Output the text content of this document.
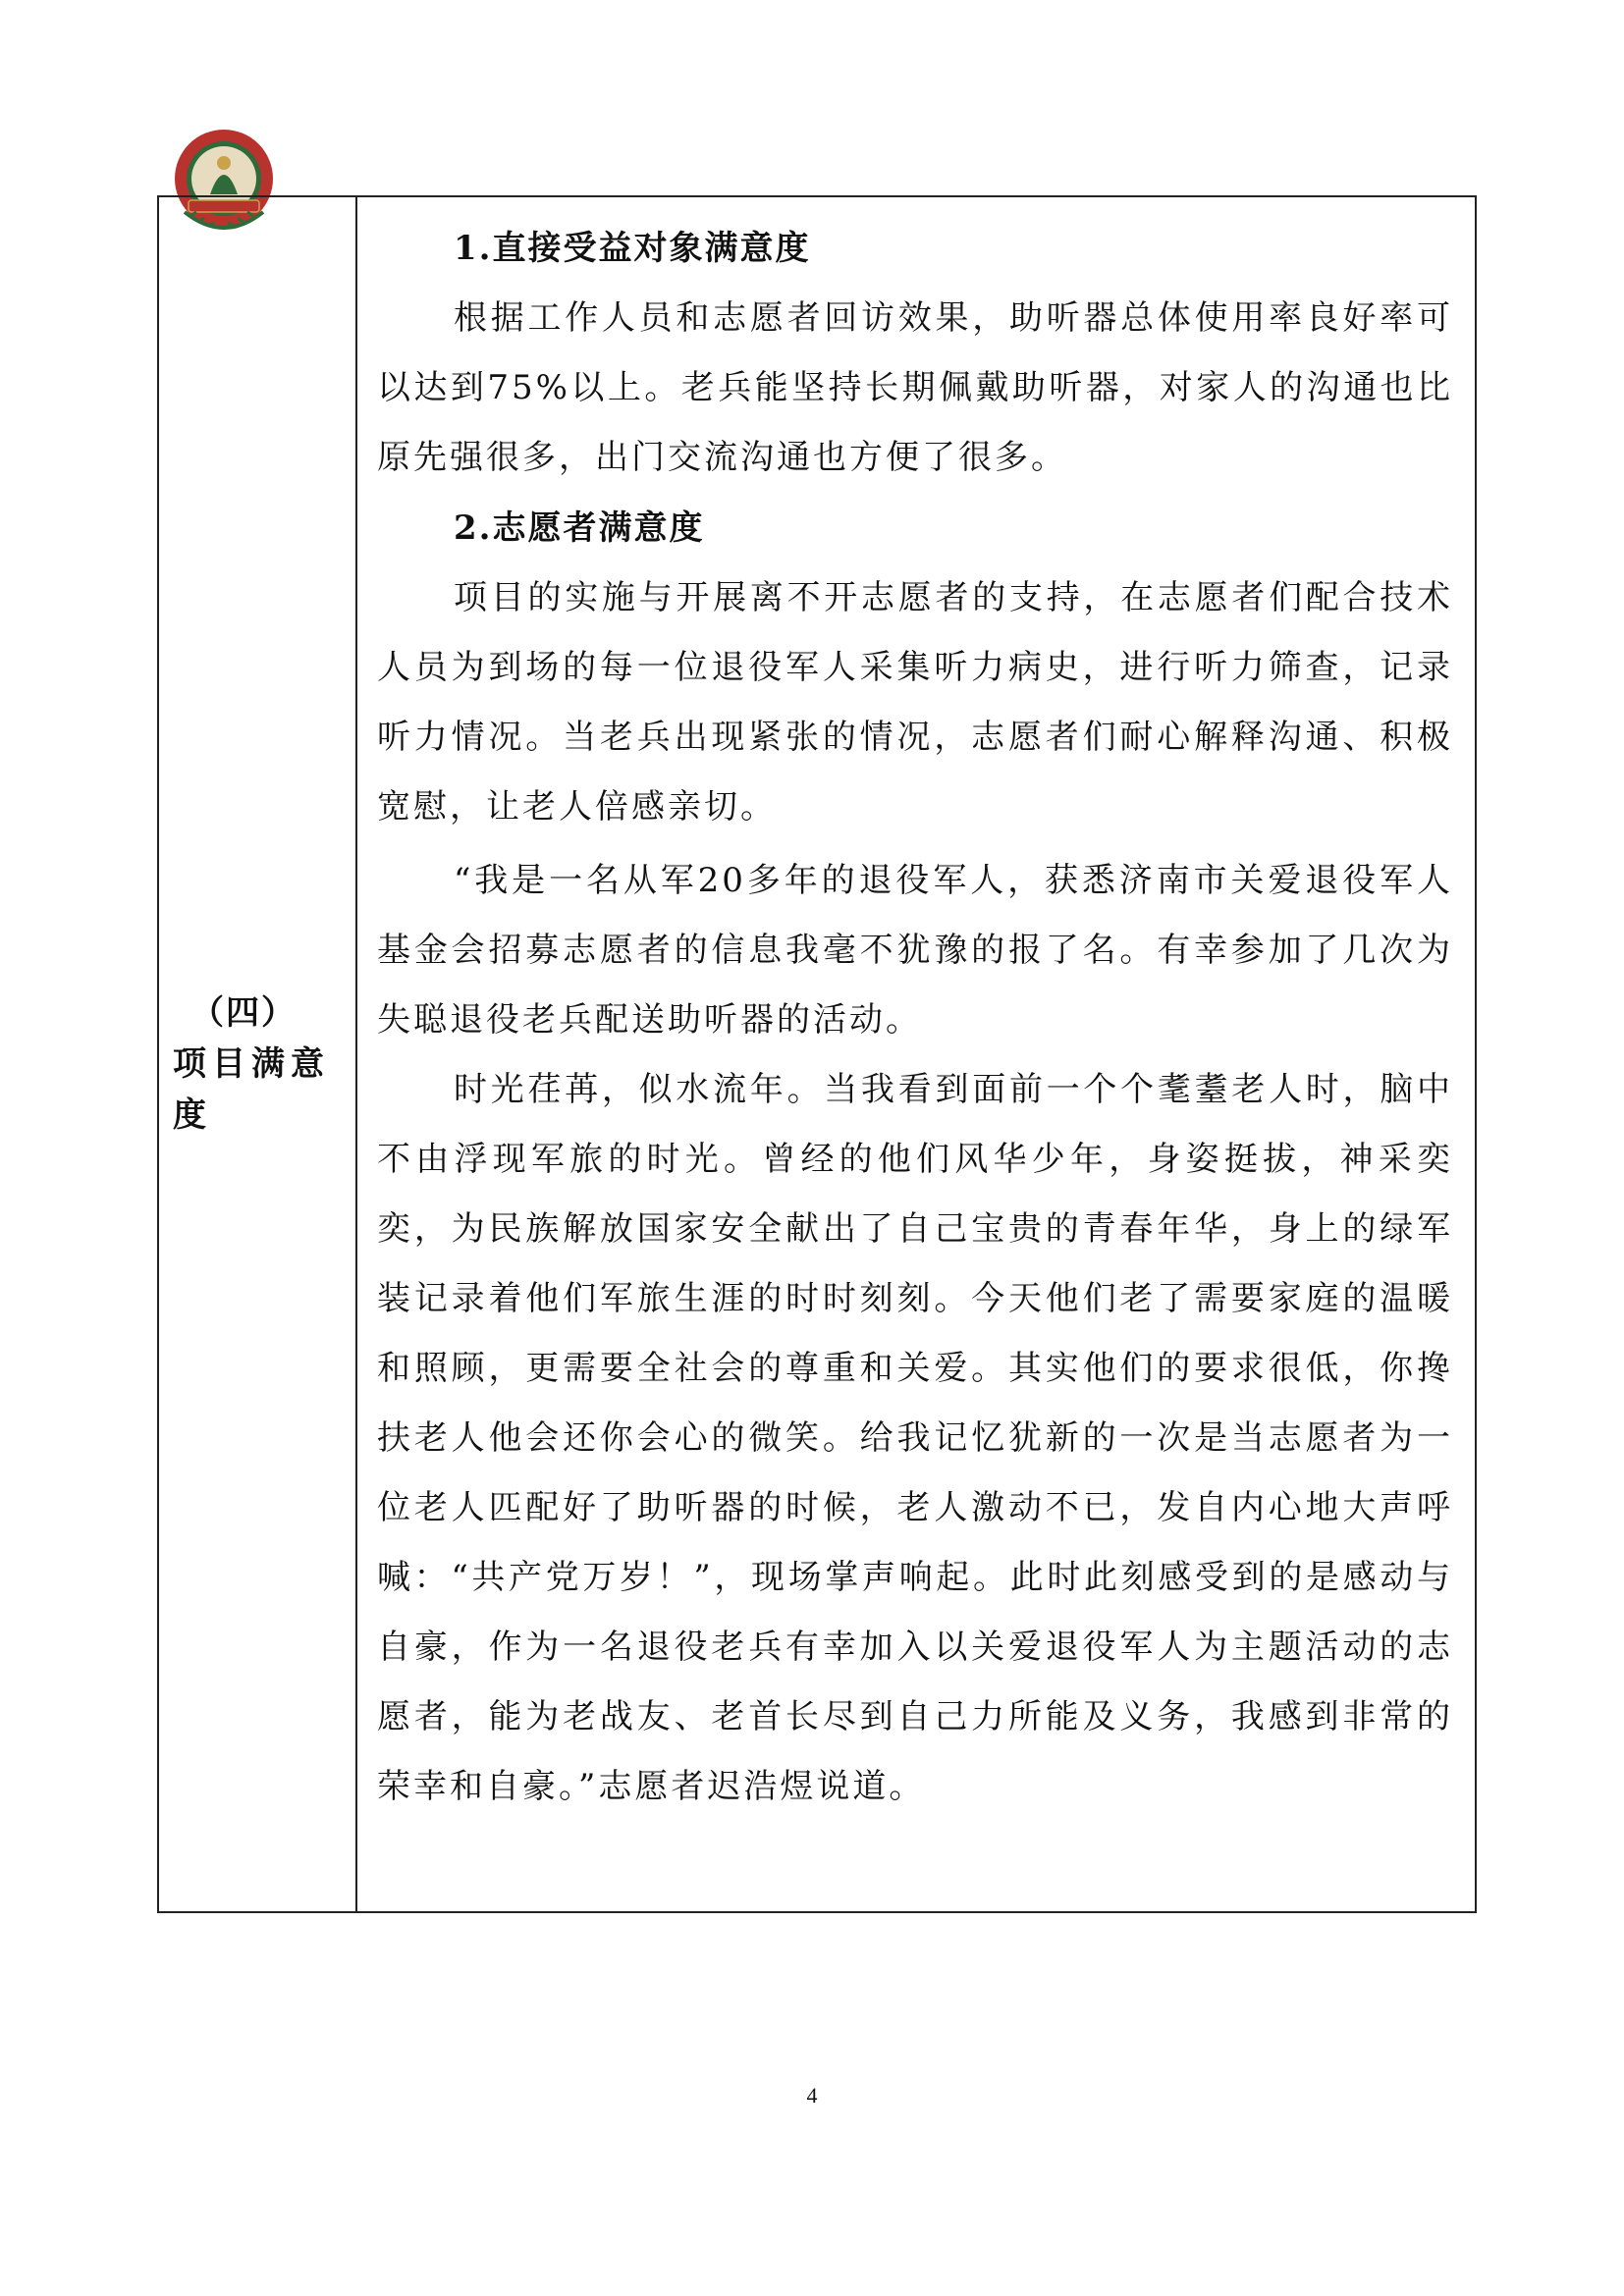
（四）
项目满意度

1.直接受益对象满意度

根据工作人员和志愿者回访效果，助听器总体使用率良好率可以达到75%以上。老兵能坚持长期佩戴助听器，对家人的沟通也比原先强很多，出门交流沟通也方便了很多。

2.志愿者满意度

项目的实施与开展离不开志愿者的支持，在志愿者们配合技术人员为到场的每一位退役军人采集听力病史，进行听力筛查，记录听力情况。当老兵出现紧张的情况，志愿者们耐心解释沟通、积极宽慰，让老人倍感亲切。

“我是一名从军20多年的退役军人，获悉济南市关爱退役军人基金会招募志愿者的信息我毫不犹豫的报了名。有幸参加了几次为失聪退役老兵配送助听器的活动。

时光荏苒，似水流年。当我看到面前一个个耄耋老人时，脑中不由浮现军旅的时光。曾经的他们风华少年，身姿挺拔，神采奕奕，为民族解放国家安全献出了自己宝贵的青春年华，身上的绿军装记录着他们军旅生涯的时时刻刻。今天他们老了需要家庭的温暖和照顾，更需要全社会的尊重和关爱。其实他们的要求很低，你搀扶老人他会还你会心的微笑。给我记忆犹新的一次是当志愿者为一位老人匹配好了助听器的时候，老人激动不已，发自内心地大声呼喊：“共产党万岁！”，现场掌声响起。此时此刻感受到的是感动与自豪，作为一名退役老兵有幸加入以关爱退役军人为主题活动的志愿者，能为老战友、老首长尽到自己力所能及义务，我感到非常的荣幸和自豪。”志愿者迟浩煜说道。

4
